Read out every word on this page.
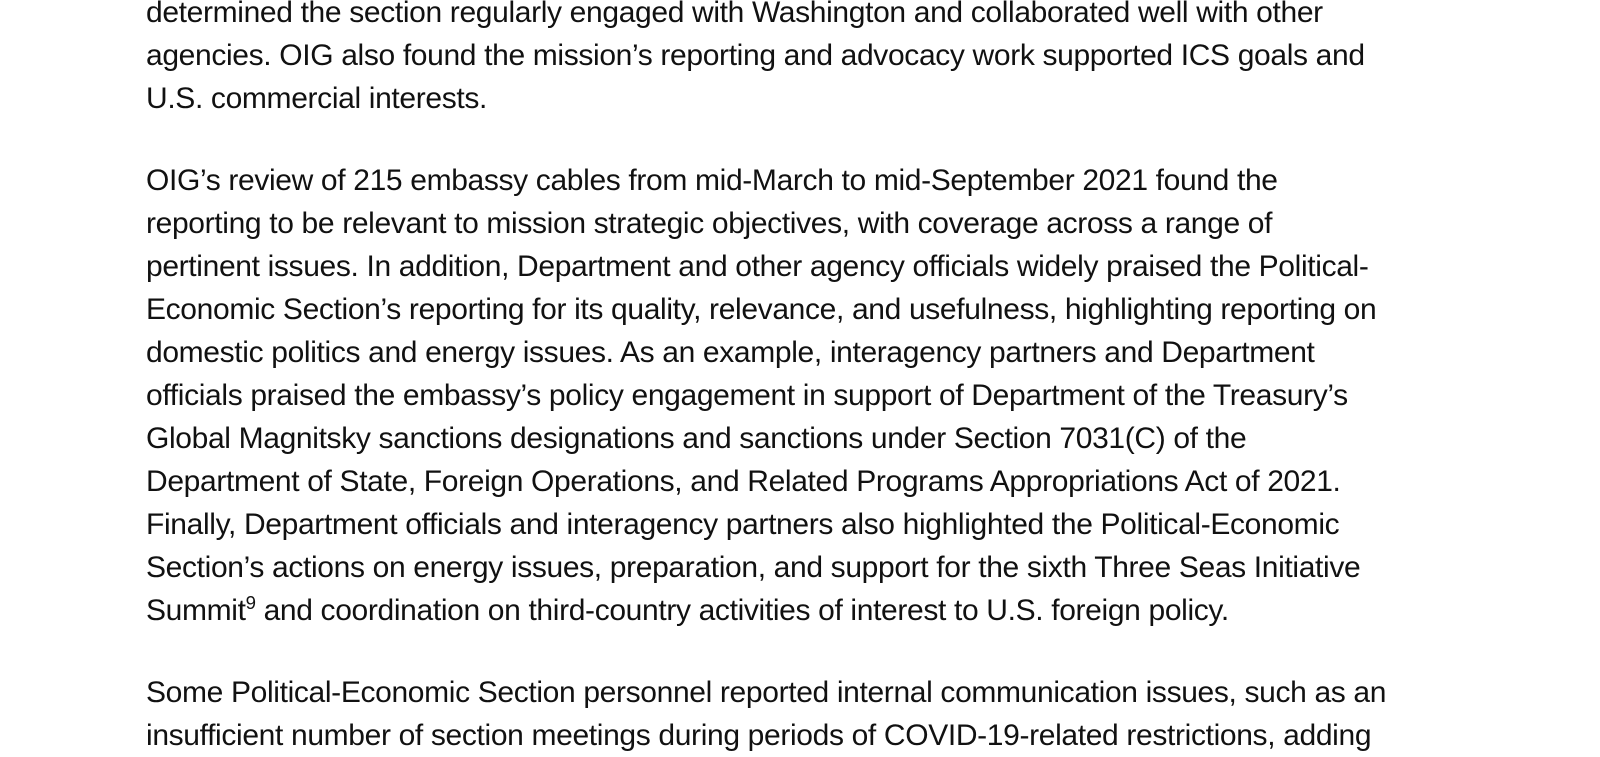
determined the section regularly engaged with Washington and collaborated well with other
agencies. OIG also found the mission’s reporting and advocacy work supported ICS goals and
U.S. commercial interests.

OIG’s review of 215 embassy cables from mid-March to mid-September 2021 found the
reporting to be relevant to mission strategic objectives, with coverage across a range of
pertinent issues. In addition, Department and other agency officials widely praised the Political-
Economic Section’s reporting for its quality, relevance, and usefulness, highlighting reporting on
domestic politics and energy issues. As an example, interagency partners and Department
officials praised the embassy’s policy engagement in support of Department of the Treasury’s
Global Magnitsky sanctions designations and sanctions under Section 7031(C) of the
Department of State, Foreign Operations, and Related Programs Appropriations Act of 2021.
Finally, Department officials and interagency partners also highlighted the Political-Economic
Section’s actions on energy issues, preparation, and support for the sixth Three Seas Initiative
Summit$^9$ and coordination on third-country activities of interest to U.S. foreign policy.

Some Political-Economic Section personnel reported internal communication issues, such as an
insufficient number of section meetings during periods of COVID-19-related restrictions, adding
